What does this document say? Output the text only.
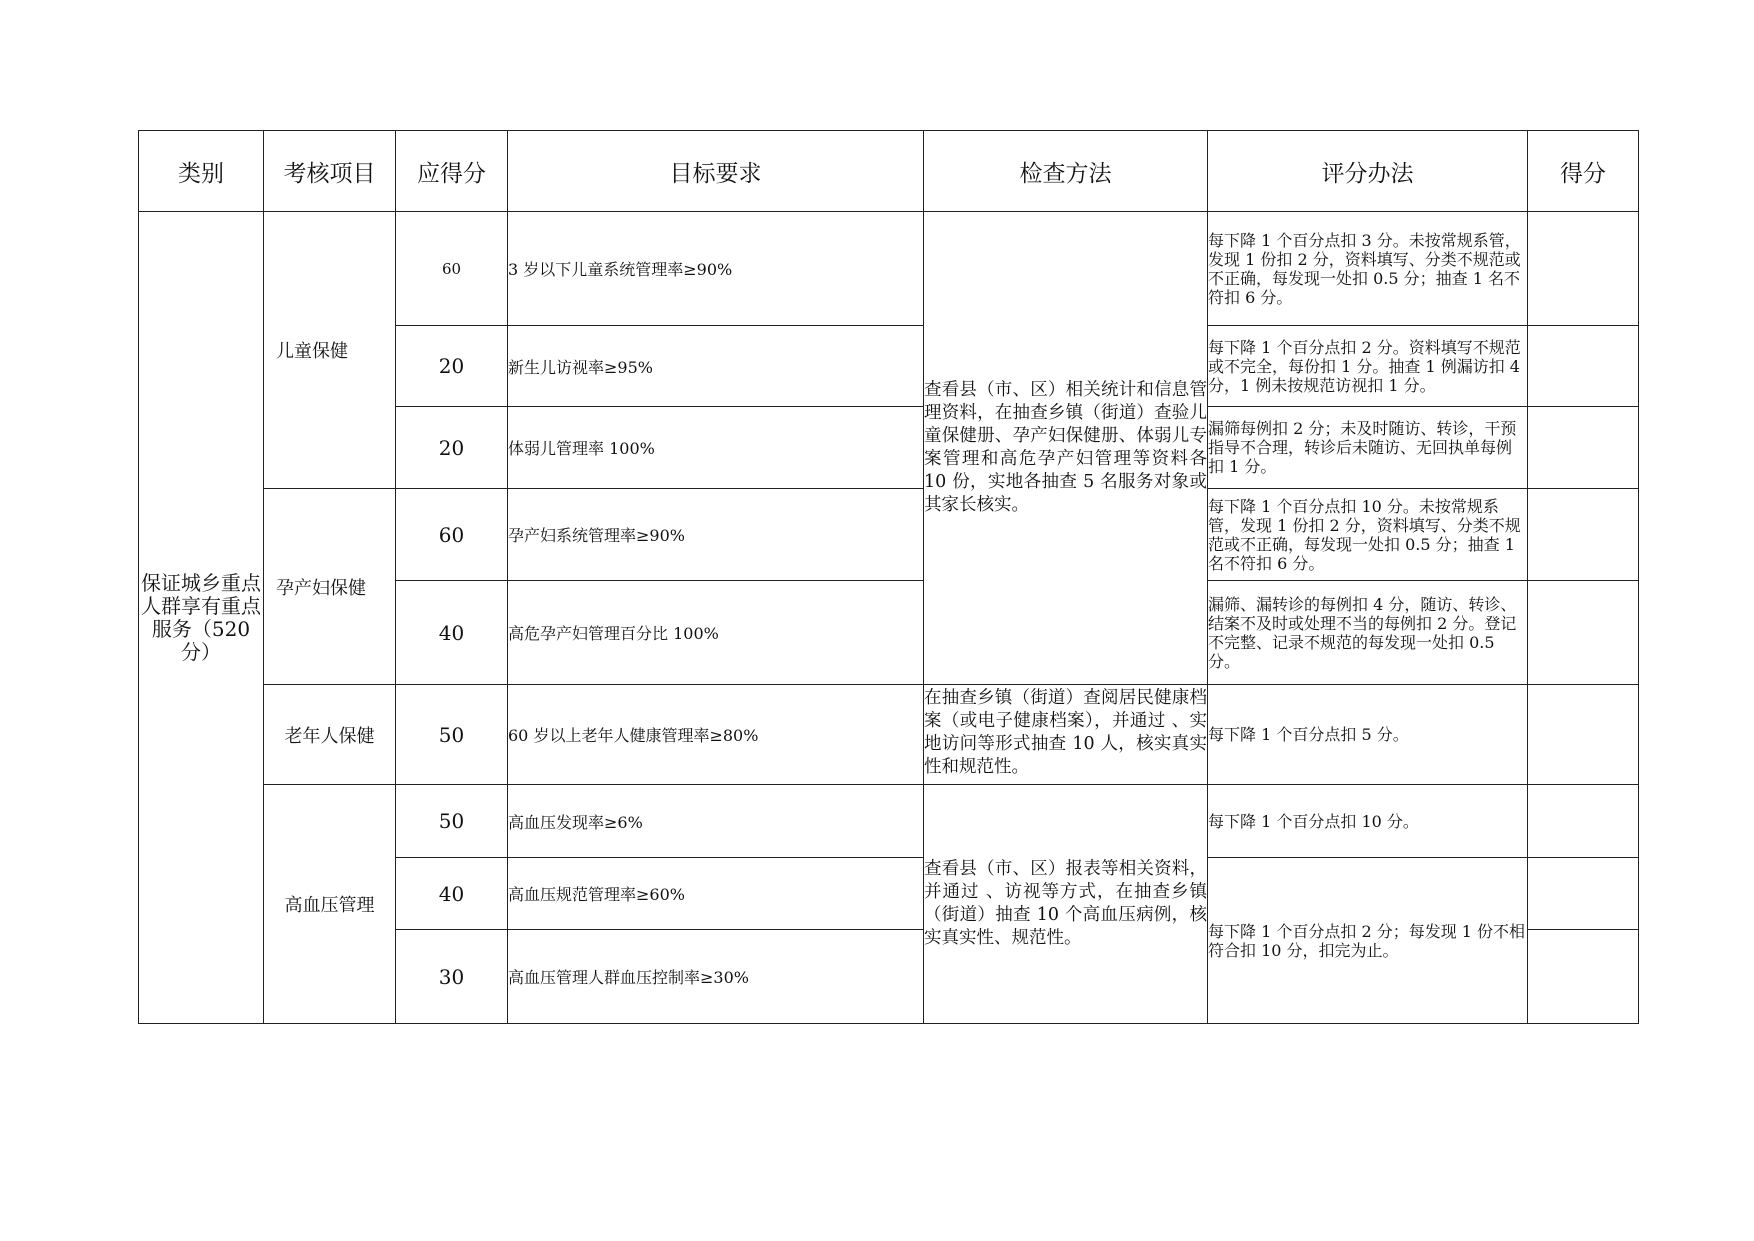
类别	考核项目	应得分	目标要求	检查方法	评分办法	得分
保证城乡重点人群享有重点服务（520分）	儿童保健	60	3 岁以下儿童系统管理率≥90%	查看县（市、区）相关统计和信息管理资料，在抽查乡镇（街道）查验儿童保健册、孕产妇保健册、体弱儿专案管理和高危孕产妇管理等资料各 10 份，实地各抽查 5 名服务对象或其家长核实。	每下降 1 个百分点扣 3 分。未按常规系管，发现 1 份扣 2 分，资料填写、分类不规范或不正确，每发现一处扣 0.5 分；抽查 1 名不符扣 6 分。	
		20	新生儿访视率≥95%		每下降 1 个百分点扣 2 分。资料填写不规范或不完全，每份扣 1 分。抽查 1 例漏访扣 4 分，1 例未按规范访视扣 1 分。	
		20	体弱儿管理率 100%		漏筛每例扣 2 分；未及时随访、转诊，干预指导不合理，转诊后未随访、无回执单每例扣 1 分。	
	孕产妇保健	60	孕产妇系统管理率≥90%		每下降 1 个百分点扣 10 分。未按常规系管，发现 1 份扣 2 分，资料填写、分类不规范或不正确，每发现一处扣 0.5 分；抽查 1 名不符扣 6 分。	
		40	高危孕产妇管理百分比 100%		漏筛、漏转诊的每例扣 4 分，随访、转诊、结案不及时或处理不当的每例扣 2 分。登记不完整、记录不规范的每发现一处扣 0.5 分。	
	老年人保健	50	60 岁以上老年人健康管理率≥80%	在抽查乡镇（街道）查阅居民健康档案（或电子健康档案），并通过 、实地访问等形式抽查 10 人，核实真实性和规范性。	每下降 1 个百分点扣 5 分。	
	高血压管理	50	高血压发现率≥6%	查看县（市、区）报表等相关资料，并通过 、访视等方式，在抽查乡镇（街道）抽查 10 个高血压病例，核实真实性、规范性。	每下降 1 个百分点扣 10 分。	
		40	高血压规范管理率≥60%		每下降 1 个百分点扣 2 分；每发现 1 份不相符合扣 10 分，扣完为止。	
		30	高血压管理人群血压控制率≥30%			
